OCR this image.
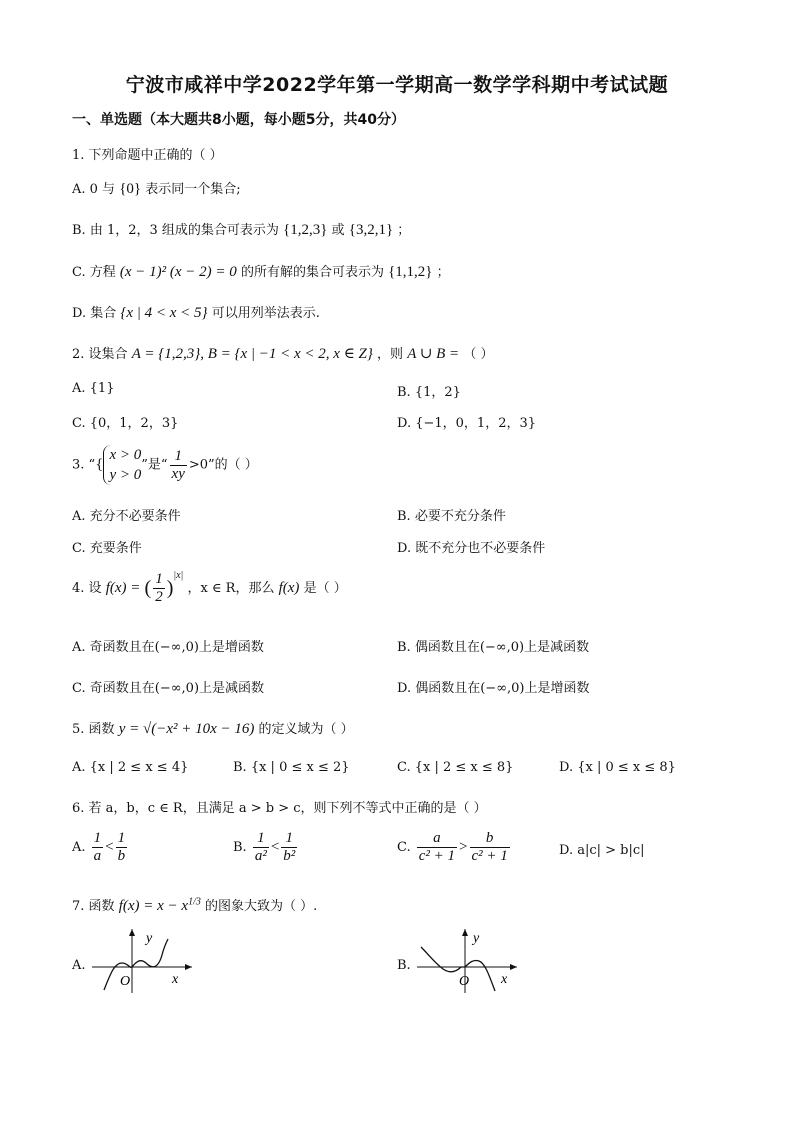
宁波市咸祥中学2022学年第一学期高一数学学科期中考试试题
一、单选题（本大题共8小题，每小题5分，共40分）
1. 下列命题中正确的（ ）
A. 0 与 {0} 表示同一个集合;
B. 由 1，2，3 组成的集合可表示为 {1,2,3} 或 {3,2,1} ；
C. 方程 (x − 1)² (x − 2) = 0 的所有解的集合可表示为 {1,1,2} ；
D. 集合 {x | 4 < x < 5} 可以用列举法表示.
2. 设集合 A = {1,2,3}, B = {x | −1 < x < 2, x ∈ Z} ，则 A ∪ B = （ ）
A. {1}	B. {1，2}
C. {0，1，2，3}	D. {−1，0，1，2，3}
3. “{
x > 0
y > 0
”是“ $\frac{1}{xy} >0$”的（ ）
A. 充分不必要条件	B. 必要不充分条件
C. 充要条件	D. 既不充分也不必要条件
4. 设 f(x) = ( $\frac{1}{2} )^{|x|}$ ，x ∈ R，那么 f(x) 是（ ）
A. 奇函数且在(−∞,0)上是增函数	B. 偶函数且在(−∞,0)上是减函数
C. 奇函数且在(−∞,0)上是减函数	D. 偶函数且在(−∞,0)上是增函数
5. 函数 y = √(−x² + 10x − 16) 的定义域为（ ）
A. {x | 2 ≤ x ≤ 4}	B. {x | 0 ≤ x ≤ 2}	C. {x | 2 ≤ x ≤ 8}	D. {x | 0 ≤ x ≤ 8}
6. 若 a，b，c ∈ R，且满足 a > b > c，则下列不等式中正确的是（ ）
A. $\frac{1}{a} < \frac{1}{b}$	B. $\frac{1}{\text{a²}} < \frac{1}{\text{b²}}$	C. $\frac{a}{\text{c² + 1}} > \frac{b}{\text{c² + 1}}$	D. a|c| > b|c|
7. 函数 $f(x) = x - x^{1/3}$ 的图象大致为（ ）.
A.
y
x
O
B.
y
x
O
